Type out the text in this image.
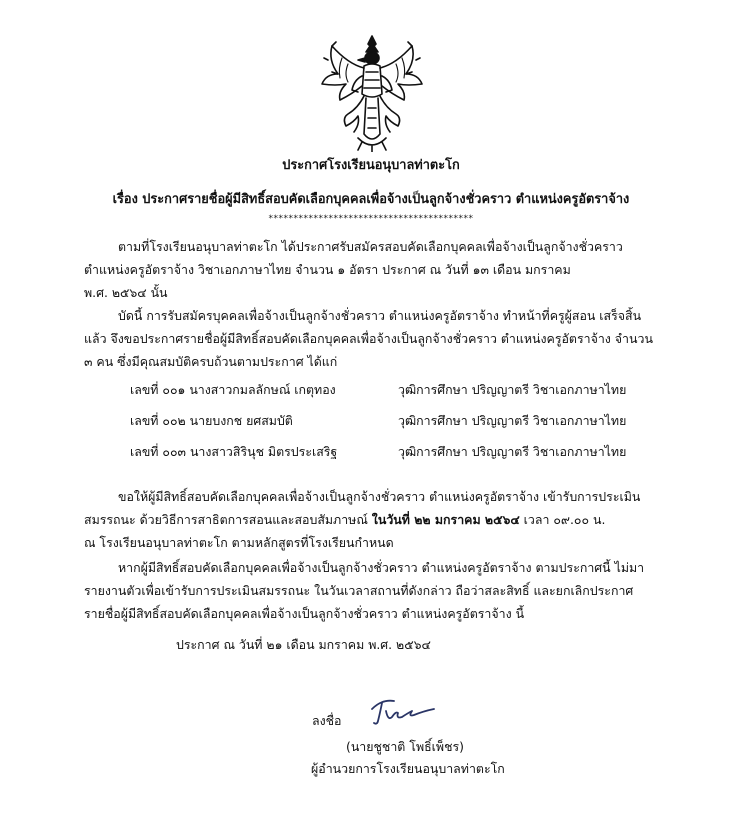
ประกาศโรงเรียนอนุบาลท่าตะโก
เรื่อง ประกาศรายชื่อผู้มีสิทธิ์สอบคัดเลือกบุคคลเพื่อจ้างเป็นลูกจ้างชั่วคราว ตำแหน่งครูอัตราจ้าง
*****************************************
ตามที่โรงเรียนอนุบาลท่าตะโก ได้ประกาศรับสมัครสอบคัดเลือกบุคคลเพื่อจ้างเป็นลูกจ้างชั่วคราว
ตำแหน่งครูอัตราจ้าง วิชาเอกภาษาไทย จำนวน ๑ อัตรา ประกาศ ณ วันที่ ๑๓ เดือน มกราคม
พ.ศ. ๒๕๖๔ นั้น
บัดนี้ การรับสมัครบุคคลเพื่อจ้างเป็นลูกจ้างชั่วคราว ตำแหน่งครูอัตราจ้าง ทำหน้าที่ครูผู้สอน เสร็จสิ้น
แล้ว จึงขอประกาศรายชื่อผู้มีสิทธิ์สอบคัดเลือกบุคคลเพื่อจ้างเป็นลูกจ้างชั่วคราว ตำแหน่งครูอัตราจ้าง จำนวน
๓ คน ซึ่งมีคุณสมบัติครบถ้วนตามประกาศ ได้แก่
เลขที่ ๐๐๑ นางสาวกมลลักษณ์ เกตุทอง	วุฒิการศึกษา ปริญญาตรี วิชาเอกภาษาไทย
เลขที่ ๐๐๒ นายบงกช ยศสมบัติ	วุฒิการศึกษา ปริญญาตรี วิชาเอกภาษาไทย
เลขที่ ๐๐๓ นางสาวสิรินุช มิตรประเสริฐ	วุฒิการศึกษา ปริญญาตรี วิชาเอกภาษาไทย
ขอให้ผู้มีสิทธิ์สอบคัดเลือกบุคคลเพื่อจ้างเป็นลูกจ้างชั่วคราว ตำแหน่งครูอัตราจ้าง เข้ารับการประเมิน
สมรรถนะ ด้วยวิธีการสาธิตการสอนและสอบสัมภาษณ์ ในวันที่ ๒๒ มกราคม ๒๕๖๔ เวลา ๐๙.๐๐ น.
ณ โรงเรียนอนุบาลท่าตะโก ตามหลักสูตรที่โรงเรียนกำหนด
หากผู้มีสิทธิ์สอบคัดเลือกบุคคลเพื่อจ้างเป็นลูกจ้างชั่วคราว ตำแหน่งครูอัตราจ้าง ตามประกาศนี้ ไม่มา
รายงานตัวเพื่อเข้ารับการประเมินสมรรถนะ ในวันเวลาสถานที่ดังกล่าว ถือว่าสละสิทธิ์ และยกเลิกประกาศ
รายชื่อผู้มีสิทธิ์สอบคัดเลือกบุคคลเพื่อจ้างเป็นลูกจ้างชั่วคราว ตำแหน่งครูอัตราจ้าง นี้
ประกาศ ณ วันที่ ๒๑ เดือน มกราคม พ.ศ. ๒๕๖๔
ลงชื่อ
(นายชูชาติ โพธิ์เพ็ชร)
ผู้อำนวยการโรงเรียนอนุบาลท่าตะโก
